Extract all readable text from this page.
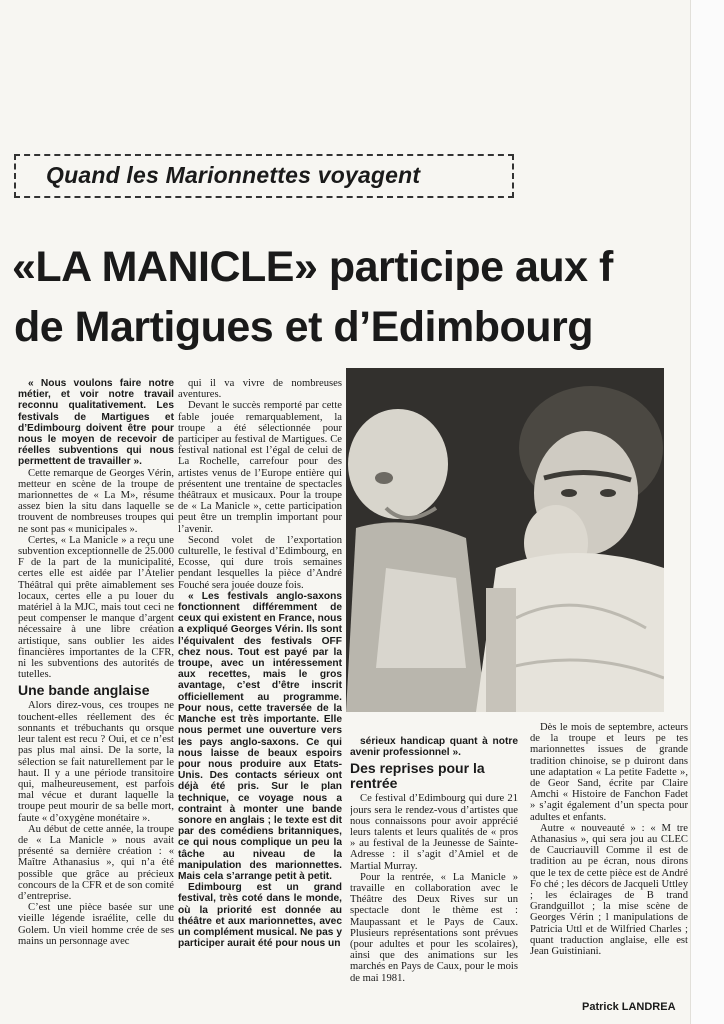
Quand les Marionnettes voyagent
«LA MANICLE» participe aux f
de Martigues et d’Edimbourg

« Nous voulons faire notre métier, et voir notre travail reconnu qualitativement. Les festivals de Martigues et d’Edimbourg doivent être pour nous le moyen de recevoir de réelles subventions qui nous permettent de travailler ».

Cette remarque de Georges Vérin, metteur en scène de la troupe de marionnettes de « La M», résume assez bien la situ dans laquelle se trouvent de nombreuses troupes qui ne sont pas « municipales ».

Certes, « La Manicle » a reçu une subvention exceptionnelle de 25.000 F de la part de la municipalité, certes elle est aidée par l’Atelier Théâtral qui prête aimablement ses locaux, certes elle a pu louer du matériel à la MJC, mais tout ceci ne peut compenser le manque d’argent nécessaire à une libre création artistique, sans oublier les aides financières importantes de la CFR, ni les subventions des autorités de tutelles.

Une bande anglaise

Alors direz-vous, ces troupes ne touchent-elles réellement des éc sonnants et trébuchants qu orsque leur talent est recu ? Oui, et ce n’est pas plus mal ainsi. De la sorte, la sélection se fait naturellement par le haut. Il y a une période transitoire qui, malheureusement, est parfois mal vécue et durant laquelle la troupe peut mourir de sa belle mort, faute « d’oxygène monétaire ».

Au début de cette année, la troupe de « La Manicle » nous avait présenté sa dernière création : « Maître Athanasius », qui n’a été possible que grâce au précieux concours de la CFR et de son comité d’entreprise.

C’est une pièce basée sur une vieille légende israélite, celle du Golem. Un vieil homme crée de ses mains un personnage avec

qui il va vivre de nombreuses aventures.

Devant le succès remporté par cette fable jouée remarquablement, la troupe a été sélectionnée pour participer au festival de Martigues. Ce festival national est l’égal de celui de La Rochelle, carrefour pour des artistes venus de l’Europe entière qui présentent une trentaine de spectacles théâtraux et musicaux. Pour la troupe de « La Manicle », cette participation peut être un tremplin important pour l’avenir.

Second volet de l’exportation culturelle, le festival d’Edimbourg, en Ecosse, qui dure trois semaines pendant lesquelles la pièce d’André Fouché sera jouée douze fois.

« Les festivals anglo-saxons fonctionnent différemment de ceux qui existent en France, nous a expliqué Georges Vérin. Ils sont l’équivalent des festivals OFF chez nous. Tout est payé par la troupe, avec un intéressement aux recettes, mais le gros avantage, c’est d’être inscrit officiellement au programme. Pour nous, cette traversée de la Manche est très importante. Elle nous permet une ouverture vers les pays anglo-saxons. Ce qui nous laisse de beaux espoirs pour nous produire aux Etats-Unis. Des contacts sérieux ont déjà été pris. Sur le plan technique, ce voyage nous a contraint à monter une bande sonore en anglais ; le texte est dit par des comédiens britanniques, ce qui nous complique un peu la tâche au niveau de la manipulation des marionnettes. Mais cela s’arrange petit à petit.

Edimbourg est un grand festival, très coté dans le monde, où la priorité est donnée au théâtre et aux marionnettes, avec un complément musical. Ne pas y participer aurait été pour nous un

sérieux handicap quant à notre avenir professionnel ».

Des reprises pour la rentrée

Ce festival d’Edimbourg qui dure 21 jours sera le rendez-vous d’artistes que nous connaissons pour avoir apprécié leurs talents et leurs qualités de « pros » au festival de la Jeunesse de Sainte-Adresse : il s’agit d’Amiel et de Martial Murray.

Pour la rentrée, « La Manicle » travaille en collaboration avec le Théâtre des Deux Rives sur un spectacle dont le thème est : Maupassant et le Pays de Caux. Plusieurs représentations sont prévues (pour adultes et pour les scolaires), ainsi que des animations sur les marchés en Pays de Caux, pour le mois de mai 1981.

Dès le mois de septembre, acteurs de la troupe et leurs pe tes marionnettes issues de grande tradition chinoise, se p duiront dans une adaptation « La petite Fadette », de Geor Sand, écrite par Claire Amchi « Histoire de Fanchon Fadet » s’agit également d’un specta pour adultes et enfants.

Autre « nouveauté » : « M tre Athanasius », qui sera jou au CLEC de Caucriauvill Comme il est de tradition au pe écran, nous dirons que le tex de cette pièce est de André Fo ché ; les décors de Jacqueli Uttley ; les éclairages de B trand Grandguillot ; la mise scène de Georges Vérin ; l manipulations de Patricia Uttl et de Wilfried Charles ; quant traduction anglaise, elle est Jean Guistiniani.

Patrick LANDREA
